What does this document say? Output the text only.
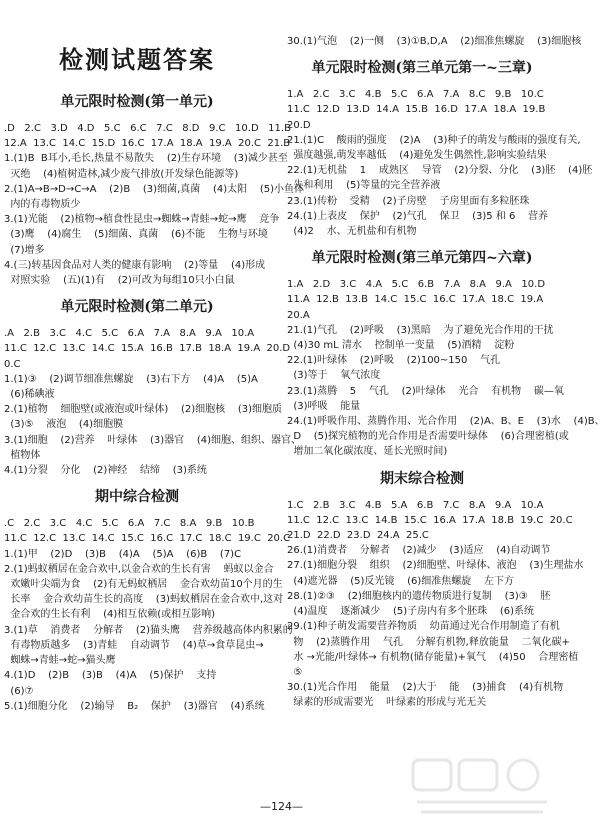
检测试题答案
单元限时检测(第一单元)
.D   2.C   3.D   4.D   5.C   6.C   7.C   8.D   9.C   10.D   11.B
12.A  13.C  14.C  15.D  16.C  17.A  18.A  19.A  20.C  21.B
1.(1)B  B耳小,毛长,热量不易散失    (2)生存环境    (3)减少甚至
灭绝    (4)植树造林,减少废气排放(开发绿色能源等)
2.(1)A→B→D→C→A    (2)B    (3)细菌,真菌    (4)太阳    (5)小鱼体
内的有毒物质少
3.(1)光能    (2)植物→植食性昆虫→蜘蛛→青蛙→蛇→鹰    竞争
(3)鹰    (4)腐生    (5)细菌、真菌    (6)不能    生物与环境
(7)增多
4.(三)转基因食品对人类的健康有影响    (2)等量    (4)形成
对照实验    (五)(1)有    (2)可改为每组10只小白鼠
单元限时检测(第二单元)
.A   2.B   3.C   4.C   5.C   6.A   7.A   8.A   9.A   10.A
11.C  12.C  13.C  14.C  15.A  16.B  17.B  18.A  19.A  20.D
0.C
1.(1)③    (2)调节细准焦螺旋    (3)右下方    (4)A    (5)A
(6)稀碘液
2.(1)植物    细胞壁(或液泡或叶绿体)    (2)细胞核    (3)细胞质
(3)⑤    液泡    (4)细胞膜
3.(1)细胞    (2)营养    叶绿体    (3)器官    (4)细胞、组织、器官、
植物体
4.(1)分裂    分化    (2)神经    结缔    (3)系统
期中综合检测
.C   2.C   3.C   4.C   5.C   6.A   7.C   8.A   9.B   10.B
11.C  12.C  13.C  14.C  15.C  16.C  17.C  18.C  19.C  20.C
1.(1)甲    (2)D    (3)B    (4)A    (5)A    (6)B    (7)C
2.(1)蚂蚁栖居在金合欢中,以金合欢的生长有害    蚂蚁以金合
欢嫩叶尖端为食    (2)有无蚂蚁栖居    金合欢幼苗10个月的生
长率    金合欢幼苗生长的高度    (3)蚂蚁栖居在金合欢中,这对
金合欢的生长有利    (4)相互依赖(或相互影响)
3.(1)草    消费者    分解者    (2)猫头鹰    营养级越高体内积累的
有毒物质越多    (3)青蛙    自动调节    (4)草→食草昆虫→
蜘蛛→青蛙→蛇→猫头鹰
4.(1)D    (2)B    (3)B    (4)A    (5)保护    支持
(6)⑦
5.(1)细胞分化    (2)输导    B₂    保护    (3)器官    (4)系统
30.(1)气泡    (2)一侧    (3)①B,D,A    (2)细准焦螺旋    (3)细胞核
单元限时检测(第三单元第一~三章)
1.A   2.C   3.C   4.B   5.C   6.A   7.A   8.C   9.B   10.C
11.C  12.D  13.D  14.A  15.B  16.D  17.A  18.A  19.B
20.D
21.(1)C    酸雨的强度    (2)A    (3)种子的萌发与酸雨的强度有关,
强度越强,萌发率越低    (4)避免发生偶然性,影响实验结果
22.(1)无机盐    1    成熟区    导管    (2)分裂、分化    (3)胚    (4)胚
失和利用    (5)等量的完全营养液
23.(1)传粉    受精    (2)子房壁    子房里面有多粒胚珠
24.(1)上表皮    保护    (2)气孔    保卫    (3)5 和 6    营养
(4)2    水、无机盐和有机物
单元限时检测(第三单元第四~六章)
1.A   2.D   3.C   4.A   5.C   6.B   7.A   8.A   9.A   10.D
11.A  12.B  13.B  14.C  15.C  16.C  17.A  18.C  19.A
20.A
21.(1)气孔    (2)呼吸    (3)黑暗    为了避免光合作用的干扰
(4)30 mL 清水    控制单一变量    (5)酒精    淀粉
22.(1)叶绿体    (2)呼吸    (2)100~150    气孔
(3)等于    氧气浓度
23.(1)蒸腾    5    气孔    (2)叶绿体    光合    有机物    碳—氧
(3)呼吸    能量
24.(1)呼吸作用、蒸腾作用、光合作用    (2)A、B、E    (3)水    (4)B、
D    (5)探究植物的光合作用是否需要叶绿体    (6)合理密植(或
增加二氧化碳浓度、延长光照时间)
期末综合检测
1.C   2.B   3.C   4.B   5.A   6.B   7.C   8.A   9.A   10.A
11.C  12.C  13.C  14.B  15.C  16.A  17.A  18.B  19.C  20.C
21.D  22.D  23.D  24.A  25.C
26.(1)消费者    分解者    (2)减少    (3)适应    (4)自动调节
27.(1)细胞分裂    组织    (2)细胞壁、叶绿体、液泡    (3)生理盐水
(4)遮光器    (5)反光镜    (6)细准焦螺旋    左下方
28.(1)②③    (2)细胞核内的遗传物质进行复制    (3)③    胚
(4)温度    逐渐减少    (5)子房内有多个胚珠    (6)系统
29.(1)种子萌发需要营养物质    幼苗通过光合作用制造了有机
物    (2)蒸腾作用    气孔    分解有机物,释放能量    二氧化碳+
水 →光能/叶绿体→ 有机物(储存能量)+氧气    (4)50    合理密植
⑤
30.(1)光合作用    能量    (2)大于    能    (3)捕食    (4)有机物
绿素的形成需要光    叶绿素的形成与光无关
—124—
